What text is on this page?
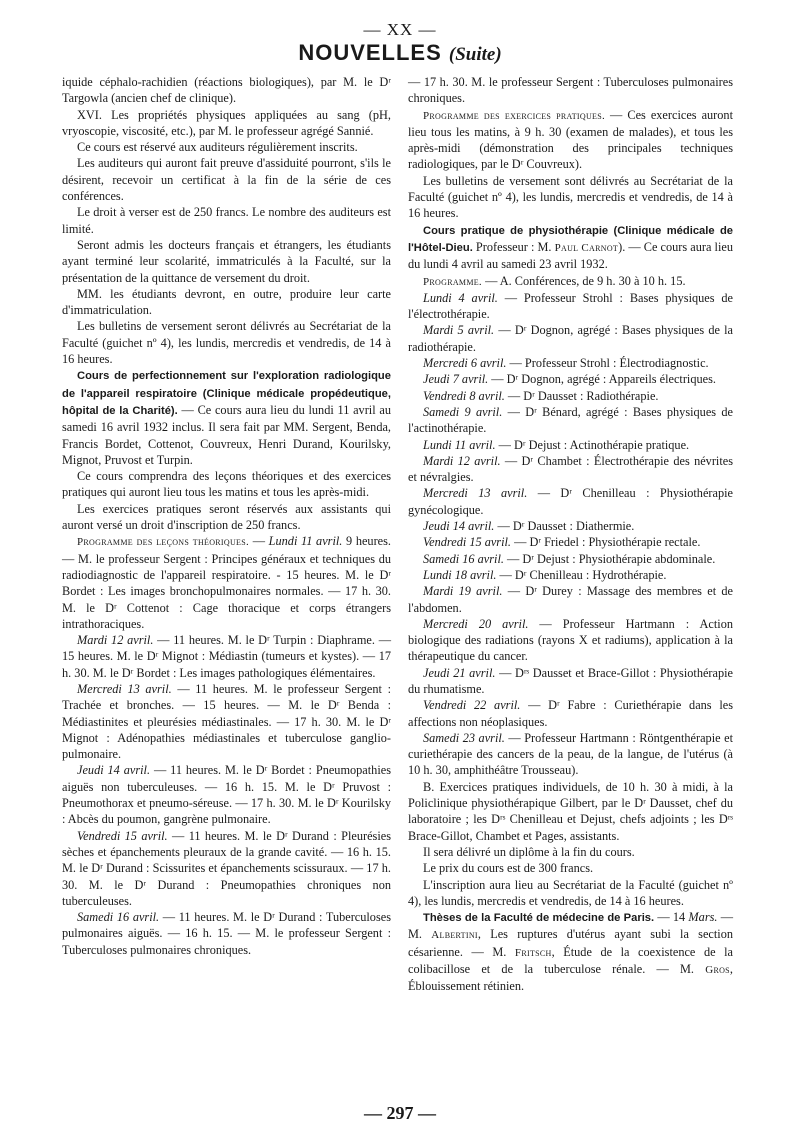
— XX —
NOUVELLES (Suite)

iquide céphalo-rachidien (réactions biologiques), par M. le Dʳ Targowla (ancien chef de clinique).

XVI. Les propriétés physiques appliquées au sang (pH, vryoscopie, viscosité, etc.), par M. le professeur agrégé Sannié.

Ce cours est réservé aux auditeurs régulièrement inscrits.

Les auditeurs qui auront fait preuve d'assiduité pourront, s'ils le désirent, recevoir un certificat à la fin de la série de ces conférences.

Le droit à verser est de 250 francs. Le nombre des auditeurs est limité.

Seront admis les docteurs français et étrangers, les étudiants ayant terminé leur scolarité, immatriculés à la Faculté, sur la présentation de la quittance de versement du droit.

MM. les étudiants devront, en outre, produire leur carte d'immatriculation.

Les bulletins de versement seront délivrés au Secrétariat de la Faculté (guichet nº 4), les lundis, mercredis et vendredis, de 14 à 16 heures.

Cours de perfectionnement sur l'exploration radiologique de l'appareil respiratoire (Clinique médicale propédeutique, hôpital de la Charité). — Ce cours aura lieu du lundi 11 avril au samedi 16 avril 1932 inclus. Il sera fait par MM. Sergent, Benda, Francis Bordet, Cottenot, Couvreux, Henri Durand, Kourilsky, Mignot, Pruvost et Turpin.

Ce cours comprendra des leçons théoriques et des exercices pratiques qui auront lieu tous les matins et tous les après-midi.

Les exercices pratiques seront réservés aux assistants qui auront versé un droit d'inscription de 250 francs.

Programme des leçons théoriques. — Lundi 11 avril. 9 heures. — M. le professeur Sergent : Principes généraux et techniques du radiodiagnostic de l'appareil respiratoire. - 15 heures. M. le Dʳ Bordet : Les images bronchopulmonaires normales. — 17 h. 30. M. le Dʳ Cottenot : Cage thoracique et corps étrangers intrathoraciques.

Mardi 12 avril. — 11 heures. M. le Dʳ Turpin : Diaphrame. — 15 heures. M. le Dʳ Mignot : Médiastin (tumeurs et kystes). — 17 h. 30. M. le Dʳ Bordet : Les images pathologiques élémentaires.

Mercredi 13 avril. — 11 heures. M. le professeur Sergent : Trachée et bronches. — 15 heures. — M. le Dʳ Benda : Médiastinites et pleurésies médiastinales. — 17 h. 30. M. le Dʳ Mignot : Adénopathies médiastinales et tuberculose ganglio-pulmonaire.

Jeudi 14 avril. — 11 heures. M. le Dʳ Bordet : Pneumopathies aiguës non tuberculeuses. — 16 h. 15. M. le Dʳ Pruvost : Pneumothorax et pneumo-séreuse. — 17 h. 30. M. le Dʳ Kourilsky : Abcès du poumon, gangrène pulmonaire.

Vendredi 15 avril. — 11 heures. M. le Dʳ Durand : Pleurésies sèches et épanchements pleuraux de la grande cavité. — 16 h. 15. M. le Dʳ Durand : Scissurites et épanchements scissuraux. — 17 h. 30. M. le Dʳ Durand : Pneumopathies chroniques non tuberculeuses.

Samedi 16 avril. — 11 heures. M. le Dʳ Durand : Tuberculoses pulmonaires aiguës. — 16 h. 15. — M. le professeur Sergent : Tuberculoses pulmonaires chroniques.

— 17 h. 30. M. le professeur Sergent : Tuberculoses pulmonaires chroniques.

Programme des exercices pratiques. — Ces exercices auront lieu tous les matins, à 9 h. 30 (examen de malades), et tous les après-midi (démonstration des principales techniques radiologiques, par le Dʳ Couvreux).

Les bulletins de versement sont délivrés au Secrétariat de la Faculté (guichet nº 4), les lundis, mercredis et vendredis, de 14 à 16 heures.

Cours pratique de physiothérapie (Clinique médicale de l'Hôtel-Dieu. Professeur : M. Paul Carnot). — Ce cours aura lieu du lundi 4 avril au samedi 23 avril 1932.

Programme. — A. Conférences, de 9 h. 30 à 10 h. 15.

Lundi 4 avril. — Professeur Strohl : Bases physiques de l'électrothérapie.

Mardi 5 avril. — Dʳ Dognon, agrégé : Bases physiques de la radiothérapie.

Mercredi 6 avril. — Professeur Strohl : Électrodiagnostic.

Jeudi 7 avril. — Dʳ Dognon, agrégé : Appareils électriques.

Vendredi 8 avril. — Dʳ Dausset : Radiothérapie.

Samedi 9 avril. — Dʳ Bénard, agrégé : Bases physiques de l'actinothérapie.

Lundi 11 avril. — Dʳ Dejust : Actinothérapie pratique.

Mardi 12 avril. — Dʳ Chambet : Électrothérapie des névrites et névralgies.

Mercredi 13 avril. — Dʳ Chenilleau : Physiothérapie gynécologique.

Jeudi 14 avril. — Dʳ Dausset : Diathermie.

Vendredi 15 avril. — Dʳ Friedel : Physiothérapie rectale.

Samedi 16 avril. — Dʳ Dejust : Physiothérapie abdominale.

Lundi 18 avril. — Dʳ Chenilleau : Hydrothérapie.

Mardi 19 avril. — Dʳ Durey : Massage des membres et de l'abdomen.

Mercredi 20 avril. — Professeur Hartmann : Action biologique des radiations (rayons X et radiums), application à la thérapeutique du cancer.

Jeudi 21 avril. — Dʳˢ Dausset et Brace-Gillot : Physiothérapie du rhumatisme.

Vendredi 22 avril. — Dʳ Fabre : Curiethérapie dans les affections non néoplasiques.

Samedi 23 avril. — Professeur Hartmann : Röntgenthérapie et curiethérapie des cancers de la peau, de la langue, de l'utérus (à 10 h. 30, amphithéâtre Trousseau).

B. Exercices pratiques individuels, de 10 h. 30 à midi, à la Policlinique physiothérapique Gilbert, par le Dʳ Dausset, chef du laboratoire ; les Dʳˢ Chenilleau et Dejust, chefs adjoints ; les Dʳˢ Brace-Gillot, Chambet et Pages, assistants.

Il sera délivré un diplôme à la fin du cours.

Le prix du cours est de 300 francs.

L'inscription aura lieu au Secrétariat de la Faculté (guichet nº 4), les lundis, mercredis et vendredis, de 14 à 16 heures.

Thèses de la Faculté de médecine de Paris. — 14 Mars. — M. Albertini, Les ruptures d'utérus ayant subi la section césarienne. — M. Fritsch, Étude de la coexistence de la colibacillose et de la tuberculose rénale. — M. Gros, Éblouissement rétinien.

— 297 —
